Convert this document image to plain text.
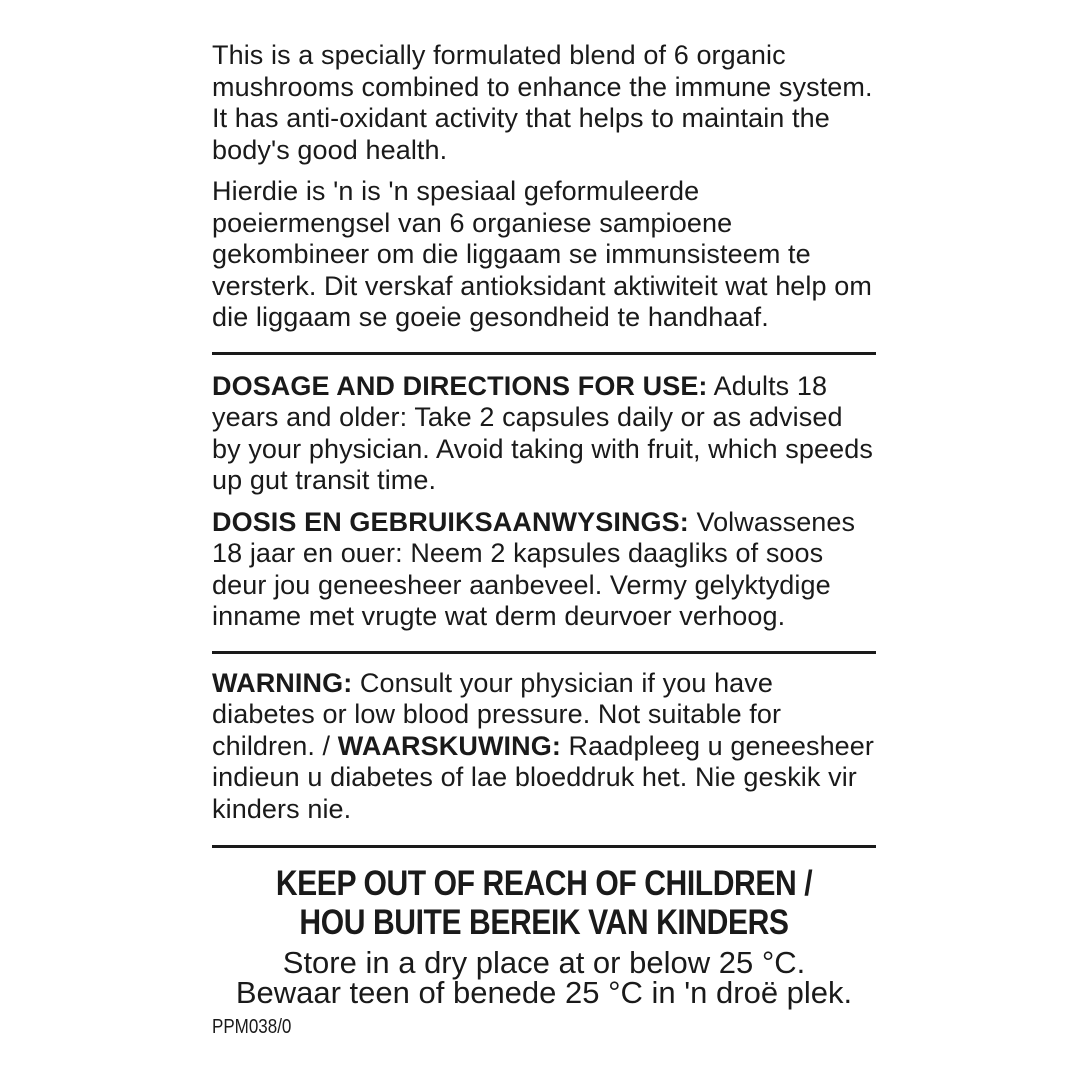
This is a specially formulated blend of 6 organic mushrooms combined to enhance the immune system. It has anti-oxidant activity that helps to maintain the body's good health.

Hierdie is 'n is 'n spesiaal geformuleerde poeiermengsel van 6 organiese sampioene gekombineer om die liggaam se immunsisteem te versterk. Dit verskaf antioksidant aktiwiteit wat help om die liggaam se goeie gesondheid te handhaaf.

DOSAGE AND DIRECTIONS FOR USE: Adults 18 years and older: Take 2 capsules daily or as advised by your physician. Avoid taking with fruit, which speeds up gut transit time.

DOSIS EN GEBRUIKSAANWYSINGS: Volwassenes 18 jaar en ouer: Neem 2 kapsules daagliks of soos deur jou geneesheer aanbeveel. Vermy gelyktydige inname met vrugte wat derm deurvoer verhoog.

WARNING: Consult your physician if you have diabetes or low blood pressure. Not suitable for children. / WAARSKUWING: Raadpleeg u geneesheer indieun u diabetes of lae bloeddruk het. Nie geskik vir kinders nie.

KEEP OUT OF REACH OF CHILDREN /

HOU BUITE BEREIK VAN KINDERS

Store in a dry place at or below 25 °C.

Bewaar teen of benede 25 °C in 'n droë plek.

PPM038/0
